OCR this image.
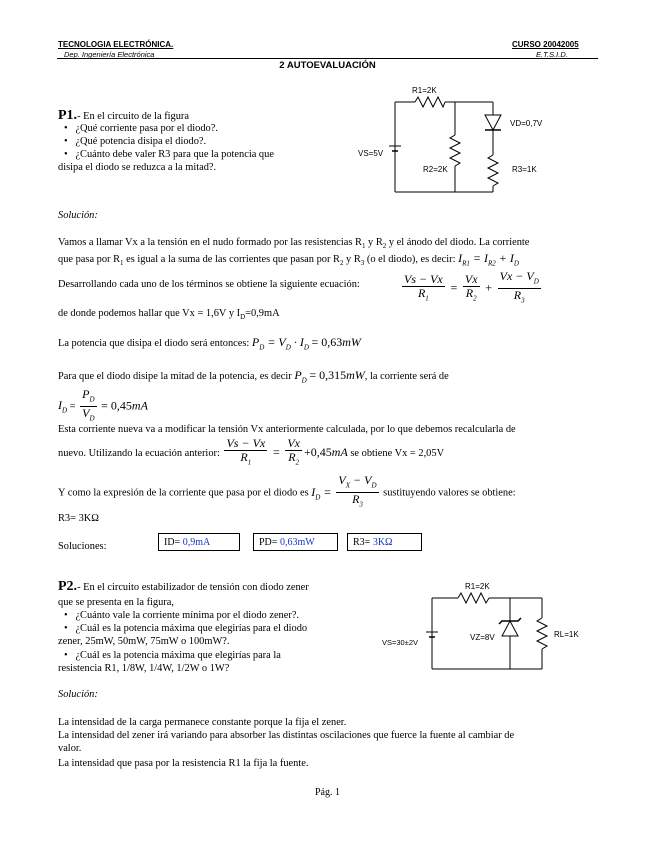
TECNOLOGIA ELECTRÓNICA.
Dep. Ingeniería Electrónica
CURSO 20042005
E.T.S.I.D.
2 AUTOEVALUACIÓN
P1.- En el circuito de la figura
•   ¿Qué corriente pasa por el diodo?.
•   ¿Qué potencia disipa el diodo?.
•   ¿Cuánto debe valer R3 para que la potencia que
disipa el diodo se reduzca a la mitad?.
R1=2K
VD=0,7V
VS=5V
R2=2K	R3=1K
Solución:
Vamos a llamar Vx a la tensión en el nudo formado por las resistencias $R_1$ y $R_2$ y el ánodo del diodo. La corriente
que pasa por $R_1$ es igual a la suma de las corrientes que pasan por $R_2$ y $R_3$ (o el diodo), es decir: $I_{R1} = I_{R2} + I_D$
Desarrollando cada uno de los términos se obtiene la siguiente ecuación:	$\frac{Vs - Vx}{R_1} = \frac{Vx}{R_2} + \frac{Vx - V_D}{R_3}$
de donde podemos hallar que Vx = 1,6V y $I_D=0,9mA$
La potencia que disipa el diodo será entonces: $P_D = V_D \cdot I_D = 0,63mW$
Para que el diodo disipe la mitad de la potencia, es decir $P_D = 0,315mW$, la corriente será de
$I_D = \frac{P_D}{V_D} = 0,45mA$
Esta corriente nueva va a modificar la tensión Vx anteriormente calculada, por lo que debemos recalcularla de
nuevo. Utilizando la ecuación anterior: $\frac{Vs - Vx}{R_1} = \frac{Vx}{R_2} +0,45mA$ se obtiene Vx = 2,05V
Y como la expresión de la corriente que pasa por el diodo es $I_D = \frac{V_X - V_D}{R_3}$ sustituyendo valores se obtiene:
R3= 3KΩ
Soluciones:	ID= 0,9mA	PD= 0,63mW	R3= 3KΩ
P2.- En el circuito estabilizador de tensión con diodo zener
que se presenta en la figura,
•   ¿Cuánto vale la corriente mínima por el diodo zener?.
•   ¿Cuál es la potencia máxima que elegirías para el diodo
zener, 25mW, 50mW, 75mW o 100mW?.
•   ¿Cuál es la potencia máxima que elegirías para la
resistencia R1, 1/8W, 1/4W, 1/2W o 1W?
R1=2K
VS=30±2V
VZ=8V	RL=1K
Solución:
La intensidad de la carga permanece constante porque la fija el zener.
La intensidad del zener irá variando para absorber las distintas oscilaciones que fuerce la fuente al cambiar de
valor.
La intensidad que pasa por la resistencia R1 la fija la fuente.
Pág. 1
